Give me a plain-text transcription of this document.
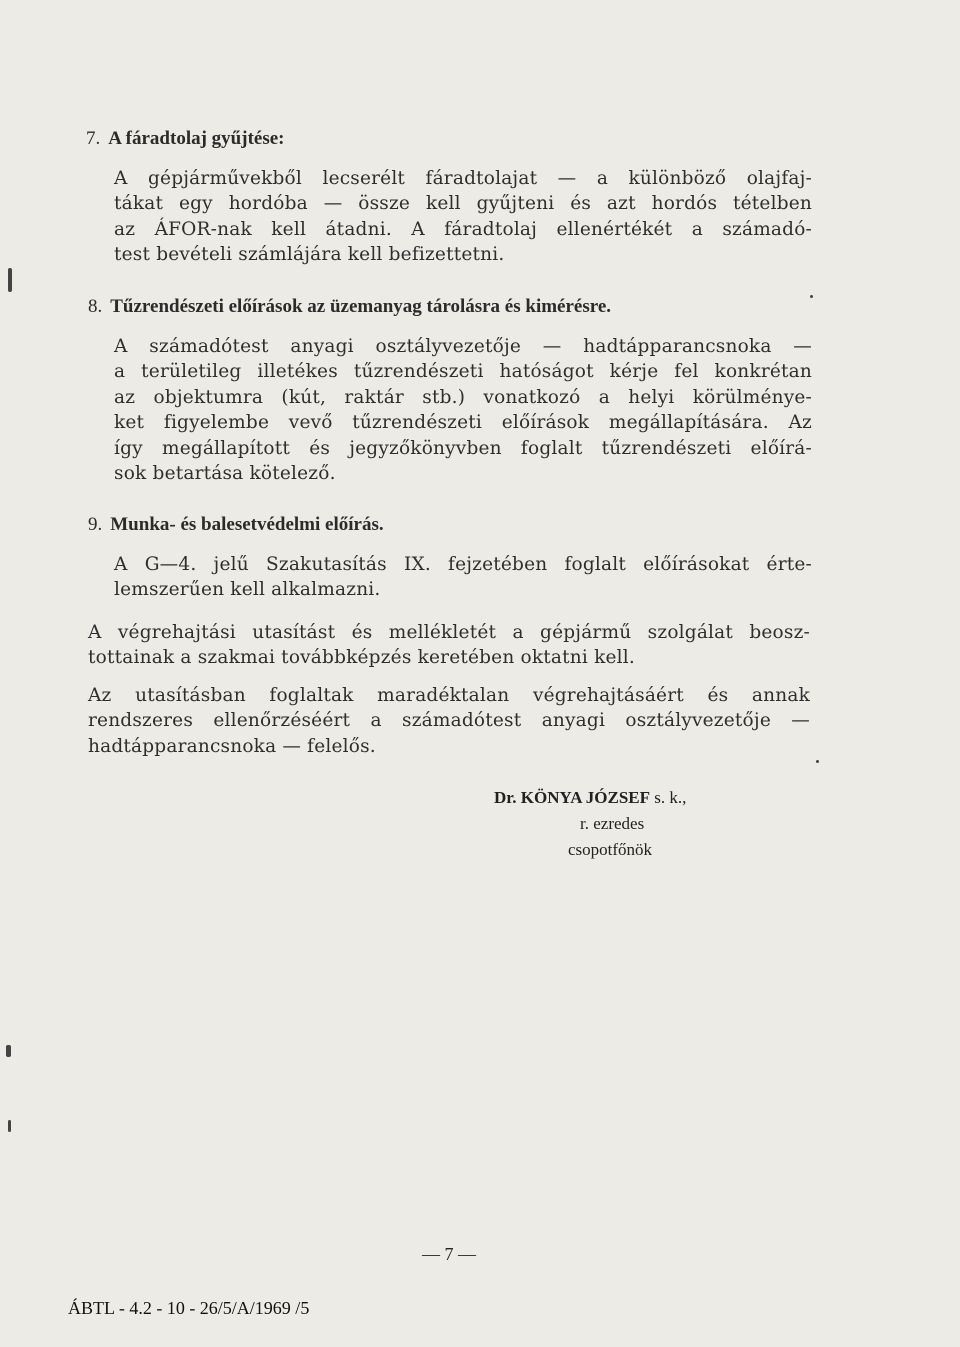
7. A fáradtolaj gyűjtése:
A gépjárművekből lecserélt fáradtolajat — a különböző olajfaj-
tákat egy hordóba — össze kell gyűjteni és azt hordós tételben
az ÁFOR-nak kell átadni. A fáradtolaj ellenértékét a számadó-
test bevételi számlájára kell befizettetni.
8. Tűzrendészeti előírások az üzemanyag tárolásra és kimérésre.
A számadótest anyagi osztályvezetője — hadtápparancsnoka —
a területileg illetékes tűzrendészeti hatóságot kérje fel konkrétan
az objektumra (kút, raktár stb.) vonatkozó a helyi körülménye-
ket figyelembe vevő tűzrendészeti előírások megállapítására. Az
így megállapított és jegyzőkönyvben foglalt tűzrendészeti előírá-
sok betartása kötelező.
9. Munka- és balesetvédelmi előírás.
A G—4. jelű Szakutasítás IX. fejzetében foglalt előírásokat érte-
lemszerűen kell alkalmazni.
A végrehajtási utasítást és mellékletét a gépjármű szolgálat beosz-
tottainak a szakmai továbbképzés keretében oktatni kell.
Az utasításban foglaltak maradéktalan végrehajtásáért és annak
rendszeres ellenőrzéséért a számadótest anyagi osztályvezetője —
hadtápparancsnoka — felelős.
Dr. KÖNYA JÓZSEF s. k.,
r. ezredes
csopotfőnök
— 7 —
ÁBTL - 4.2 - 10 - 26/5/A/1969 /5
